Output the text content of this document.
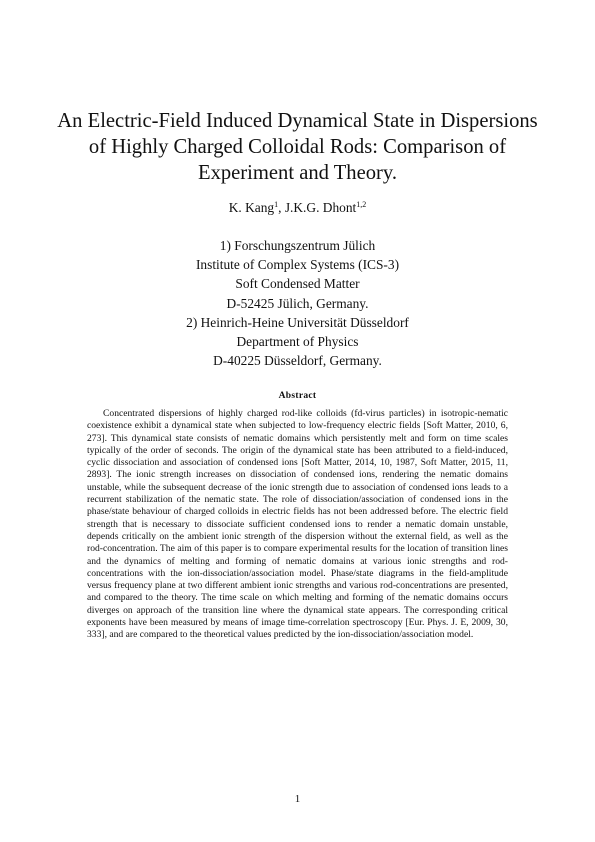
An Electric-Field Induced Dynamical State in Dispersions
of Highly Charged Colloidal Rods: Comparison of
Experiment and Theory.
K. Kang$^1$, J.K.G. Dhont$^{1,2}$
1) Forschungszentrum Jülich
Institute of Complex Systems (ICS-3)
Soft Condensed Matter
D-52425 Jülich, Germany.
2) Heinrich-Heine Universität Düsseldorf
Department of Physics
D-40225 Düsseldorf, Germany.
Abstract

Concentrated dispersions of highly charged rod-like colloids (fd-virus particles) in isotropic-nematic coexistence exhibit a dynamical state when subjected to low-frequency electric fields [Soft Matter, 2010, 6, 273]. This dynamical state consists of nematic domains which persistently melt and form on time scales typically of the order of seconds. The origin of the dynamical state has been attributed to a field-induced, cyclic dissociation and association of condensed ions [Soft Matter, 2014, 10, 1987, Soft Matter, 2015, 11, 2893]. The ionic strength increases on dissociation of condensed ions, rendering the nematic domains unstable, while the subsequent decrease of the ionic strength due to association of condensed ions leads to a recurrent stabilization of the nematic state. The role of dissociation/association of condensed ions in the phase/state behaviour of charged colloids in electric fields has not been addressed before. The electric field strength that is necessary to dissociate sufficient condensed ions to render a nematic domain unstable, depends critically on the ambient ionic strength of the dispersion without the external field, as well as the rod-concentration. The aim of this paper is to compare experimental results for the location of transition lines and the dynamics of melting and forming of nematic domains at various ionic strengths and rod-concentrations with the ion-dissociation/association model. Phase/state diagrams in the field-amplitude versus frequency plane at two different ambient ionic strengths and various rod-concentrations are presented, and compared to the theory. The time scale on which melting and forming of the nematic domains occurs diverges on approach of the transition line where the dynamical state appears. The corresponding critical exponents have been measured by means of image time-correlation spectroscopy [Eur. Phys. J. E, 2009, 30, 333], and are compared to the theoretical values predicted by the ion-dissociation/association model.

1
